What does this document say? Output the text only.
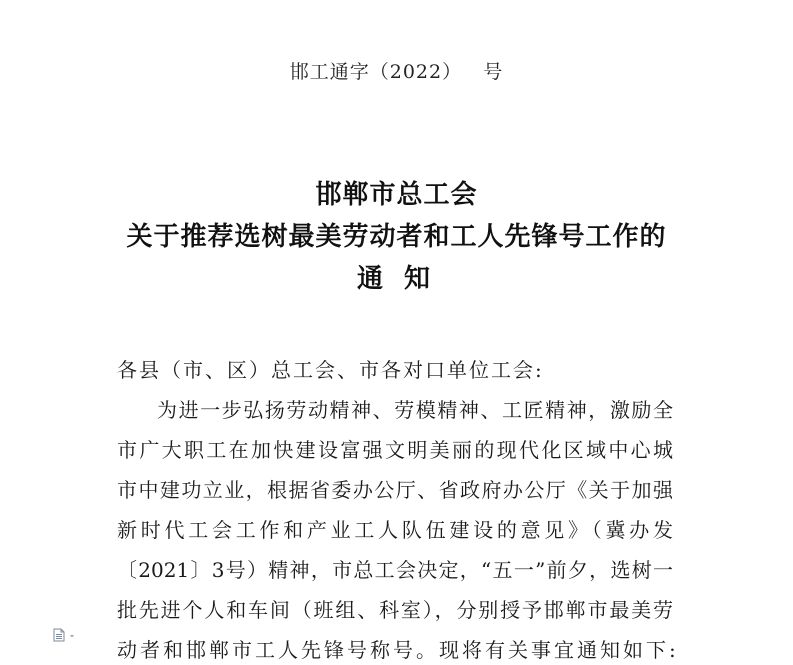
邯工通字（2022）   号
邯郸市总工会
关于推荐选树最美劳动者和工人先锋号工作的
通 知
各县（市、区）总工会、市各对口单位工会:
为进一步弘扬劳动精神、劳模精神、工匠精神，激励全
市广大职工在加快建设富强文明美丽的现代化区域中心城
市中建功立业，根据省委办公厅、省政府办公厅《关于加强
新时代工会工作和产业工人队伍建设的意见》（冀办发
〔2021〕3号）精神，市总工会决定，“五一”前夕，选树一
批先进个人和车间（班组、科室），分别授予邯郸市最美劳
动者和邯郸市工人先锋号称号。现将有关事宜通知如下:
